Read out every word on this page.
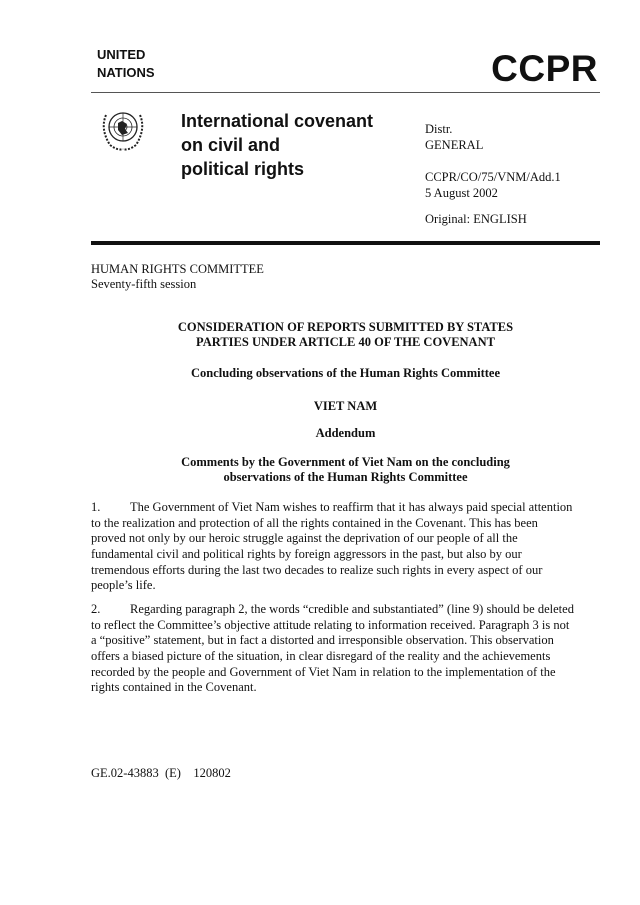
UNITED
NATIONS	CCPR
International covenant
on civil and
political rights
Distr.
GENERAL
CCPR/CO/75/VNM/Add.1
5 August 2002
Original: ENGLISH
HUMAN RIGHTS COMMITTEE
Seventy-fifth session
CONSIDERATION OF REPORTS SUBMITTED BY STATES
PARTIES UNDER ARTICLE 40 OF THE COVENANT
Concluding observations of the Human Rights Committee
VIET NAM
Addendum
Comments by the Government of Viet Nam on the concluding
observations of the Human Rights Committee
1. The Government of Viet Nam wishes to reaffirm that it has always paid special attention
to the realization and protection of all the rights contained in the Covenant. This has been
proved not only by our heroic struggle against the deprivation of our people of all the
fundamental civil and political rights by foreign aggressors in the past, but also by our
tremendous efforts during the last two decades to realize such rights in every aspect of our
people’s life.
2. Regarding paragraph 2, the words “credible and substantiated” (line 9) should be deleted
to reflect the Committee’s objective attitude relating to information received. Paragraph 3 is not
a “positive” statement, but in fact a distorted and irresponsible observation. This observation
offers a biased picture of the situation, in clear disregard of the reality and the achievements
recorded by the people and Government of Viet Nam in relation to the implementation of the
rights contained in the Covenant.
GE.02-43883  (E)    120802
